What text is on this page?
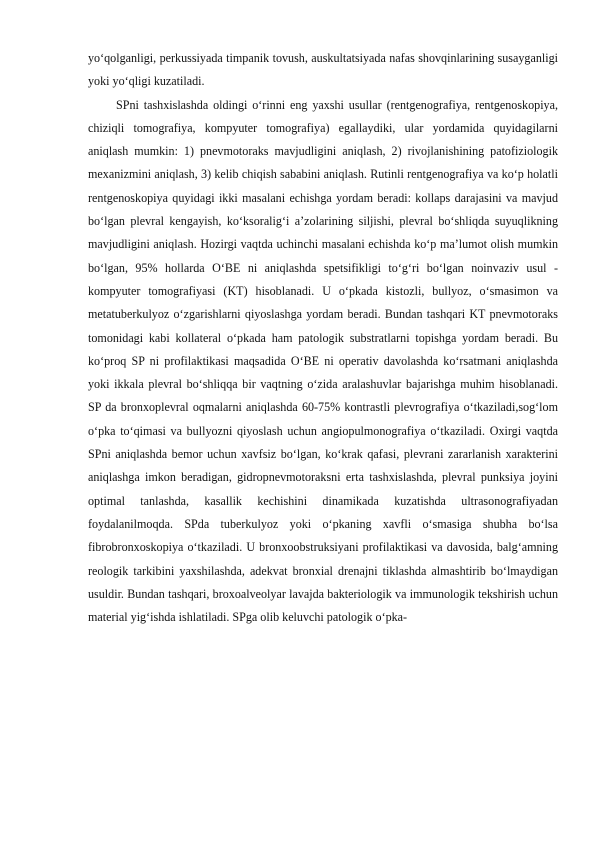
yo‘qolganligi, perkussiyada timpanik tovush, auskultatsiyada nafas shovqinlarining susayganligi yoki yo‘qligi kuzatiladi.

SPni tashxislashda oldingi o‘rinni eng yaxshi usullar (rentgenografiya, rentgenoskopiya, chiziqli tomografiya, kompyuter tomografiya) egallaydiki, ular yordamida quyidagilarni aniqlash mumkin: 1) pnevmotoraks mavjudligini aniqlash, 2) rivojlanishining patofiziologik mexanizmini aniqlash, 3) kelib chiqish sababini aniqlash. Rutinli rentgenografiya va ko‘p holatli rentgenoskopiya quyidagi ikki masalani echishga yordam beradi: kollaps darajasini va mavjud bo‘lgan plevral kengayish, ko‘ksoralig‘i a’zolarining siljishi, plevral bo‘shliqda suyuqlikning mavjudligini aniqlash. Hozirgi vaqtda uchinchi masalani echishda ko‘p ma’lumot olish mumkin bo‘lgan, 95% hollarda O‘BE ni aniqlashda spetsifikligi to‘g‘ri bo‘lgan noinvaziv usul - kompyuter tomografiyasi (KT) hisoblanadi. U o‘pkada kistozli, bullyoz, o‘smasimon va metatuberkulyoz o‘zgarishlarni qiyoslashga yordam beradi. Bundan tashqari KT pnevmotoraks tomonidagi kabi kollateral o‘pkada ham patologik substratlarni topishga yordam beradi. Bu ko‘proq SP ni profilaktikasi maqsadida O‘BE ni operativ davolashda ko‘rsatmani aniqlashda yoki ikkala plevral bo‘shliqqa bir vaqtning o‘zida aralashuvlar bajarishga muhim hisoblanadi. SP da bronxoplevral oqmalarni aniqlashda 60-75% kontrastli plevrografiya o‘tkaziladi,sog‘lom o‘pka to‘qimasi va bullyozni qiyoslash uchun angiopulmonografiya o‘tkaziladi. Oxirgi vaqtda SPni aniqlashda bemor uchun xavfsiz bo‘lgan, ko‘krak qafasi, plevrani zararlanish xarakterini aniqlashga imkon beradigan, gidropnevmotoraksni erta tashxislashda, plevral punksiya joyini optimal tanlashda, kasallik kechishini dinamikada kuzatishda ultrasonografiyadan foydalanilmoqda. SPda tuberkulyoz yoki o‘pkaning xavfli o‘smasiga shubha bo‘lsa fibrobronxoskopiya o‘tkaziladi. U bronxoobstruksiyani profilaktikasi va davosida, balg‘amning reologik tarkibini yaxshilashda, adekvat bronxial drenajni tiklashda almashtirib bo‘lmaydigan usuldir. Bundan tashqari, broxoalveolyar lavajda bakteriologik va immunologik tekshirish uchun material yig‘ishda ishlatiladi. SPga olib keluvchi patologik o‘pka-
